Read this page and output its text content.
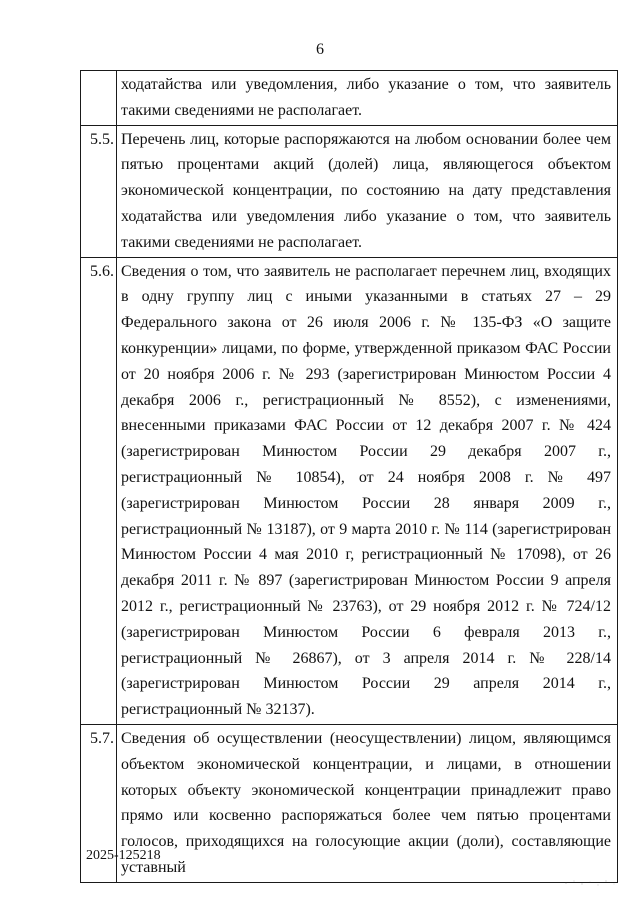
6
	ходатайства или уведомления, либо указание о том, что заявитель такими сведениями не располагает.
5.5.	Перечень лиц, которые распоряжаются на любом основании более чем пятью процентами акций (долей) лица, являющегося объектом экономической концентрации, по состоянию на дату представления ходатайства или уведомления либо указание о том, что заявитель такими сведениями не располагает.
5.6.	Сведения о том, что заявитель не располагает перечнем лиц, входящих в одну группу лиц с иными указанными в статьях 27 – 29 Федерального закона от 26 июля 2006 г. № 135-ФЗ «О защите конкуренции» лицами, по форме, утвержденной приказом ФАС России от 20 ноября 2006 г. № 293 (зарегистрирован Минюстом России 4 декабря 2006 г., регистрационный № 8552), с изменениями, внесенными приказами ФАС России от 12 декабря 2007 г. № 424 (зарегистрирован Минюстом России 29 декабря 2007 г., регистрационный № 10854), от 24 ноября 2008 г. № 497 (зарегистрирован Минюстом России 28 января 2009 г., регистрационный № 13187), от 9 марта 2010 г. № 114 (зарегистрирован Минюстом России 4 мая 2010 г, регистрационный № 17098), от 26 декабря 2011 г. № 897 (зарегистрирован Минюстом России 9 апреля 2012 г., регистрационный № 23763), от 29 ноября 2012 г. № 724/12 (зарегистрирован Минюстом России 6 февраля 2013 г., регистрационный № 26867), от 3 апреля 2014 г. № 228/14 (зарегистрирован Минюстом России 29 апреля 2014 г., регистрационный № 32137).
5.7.	Сведения об осуществлении (неосуществлении) лицом, являющимся объектом экономической концентрации, и лицами, в отношении которых объекту экономической концентрации принадлежит право прямо или косвенно распоряжаться более чем пятью процентами голосов, приходящихся на голосующие акции (доли), составляющие уставный
2025-125218
